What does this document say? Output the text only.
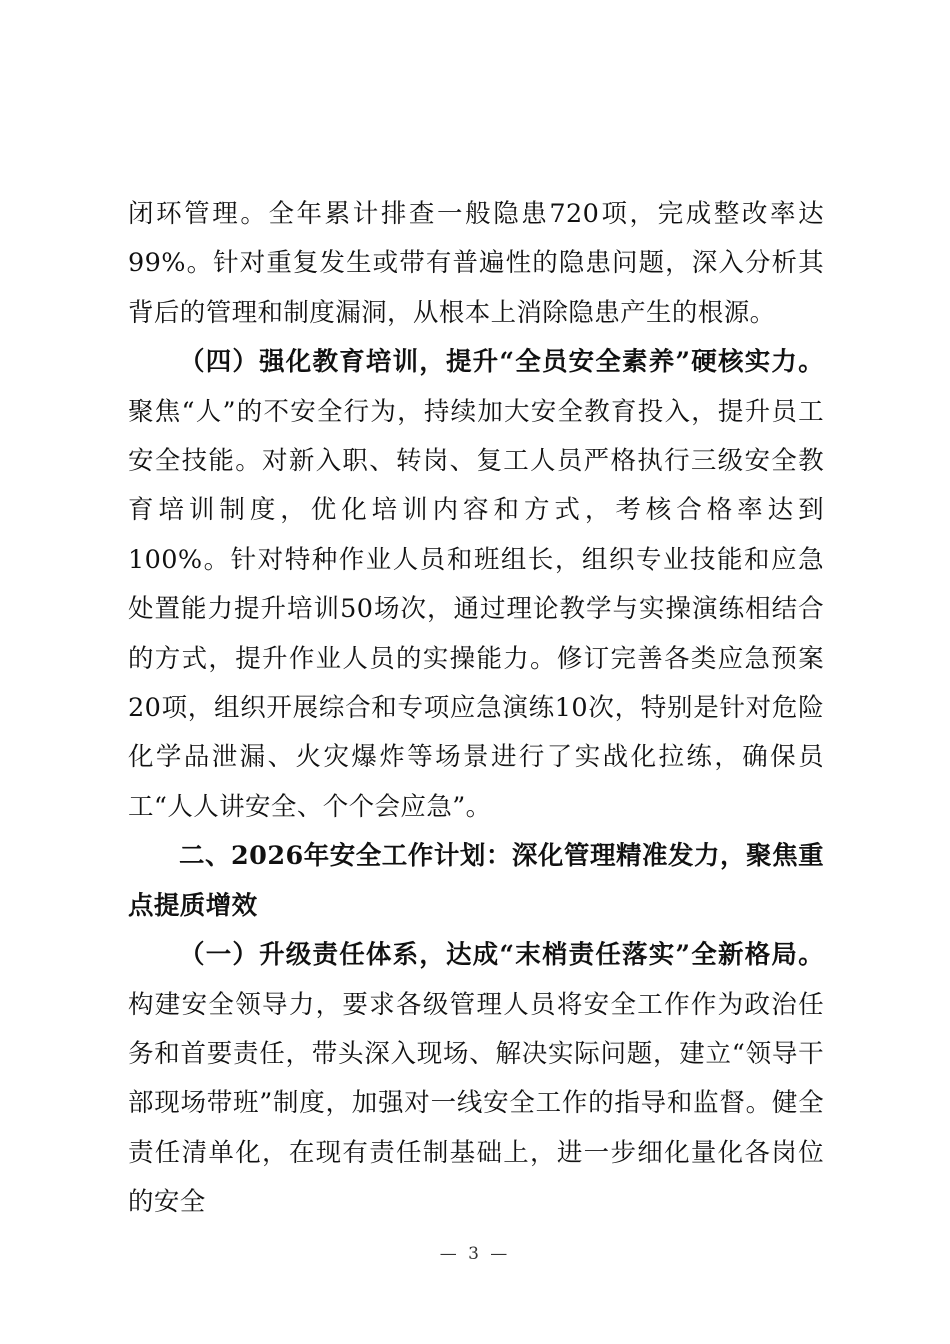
闭环管理。全年累计排查一般隐患720项，完成整改率达99%。针对重复发生或带有普遍性的隐患问题，深入分析其背后的管理和制度漏洞，从根本上消除隐患产生的根源。

（四）强化教育培训，提升“全员安全素养”硬核实力。聚焦“人”的不安全行为，持续加大安全教育投入，提升员工安全技能。对新入职、转岗、复工人员严格执行三级安全教育培训制度，优化培训内容和方式，考核合格率达到100%。针对特种作业人员和班组长，组织专业技能和应急处置能力提升培训50场次，通过理论教学与实操演练相结合的方式，提升作业人员的实操能力。修订完善各类应急预案20项，组织开展综合和专项应急演练10次，特别是针对危险化学品泄漏、火灾爆炸等场景进行了实战化拉练，确保员工“人人讲安全、个个会应急”。

二、2026年安全工作计划：深化管理精准发力，聚焦重点提质增效

（一）升级责任体系，达成“末梢责任落实”全新格局。构建安全领导力，要求各级管理人员将安全工作作为政治任务和首要责任，带头深入现场、解决实际问题，建立“领导干部现场带班”制度，加强对一线安全工作的指导和监督。健全责任清单化，在现有责任制基础上，进一步细化量化各岗位的安全

— 3 —
